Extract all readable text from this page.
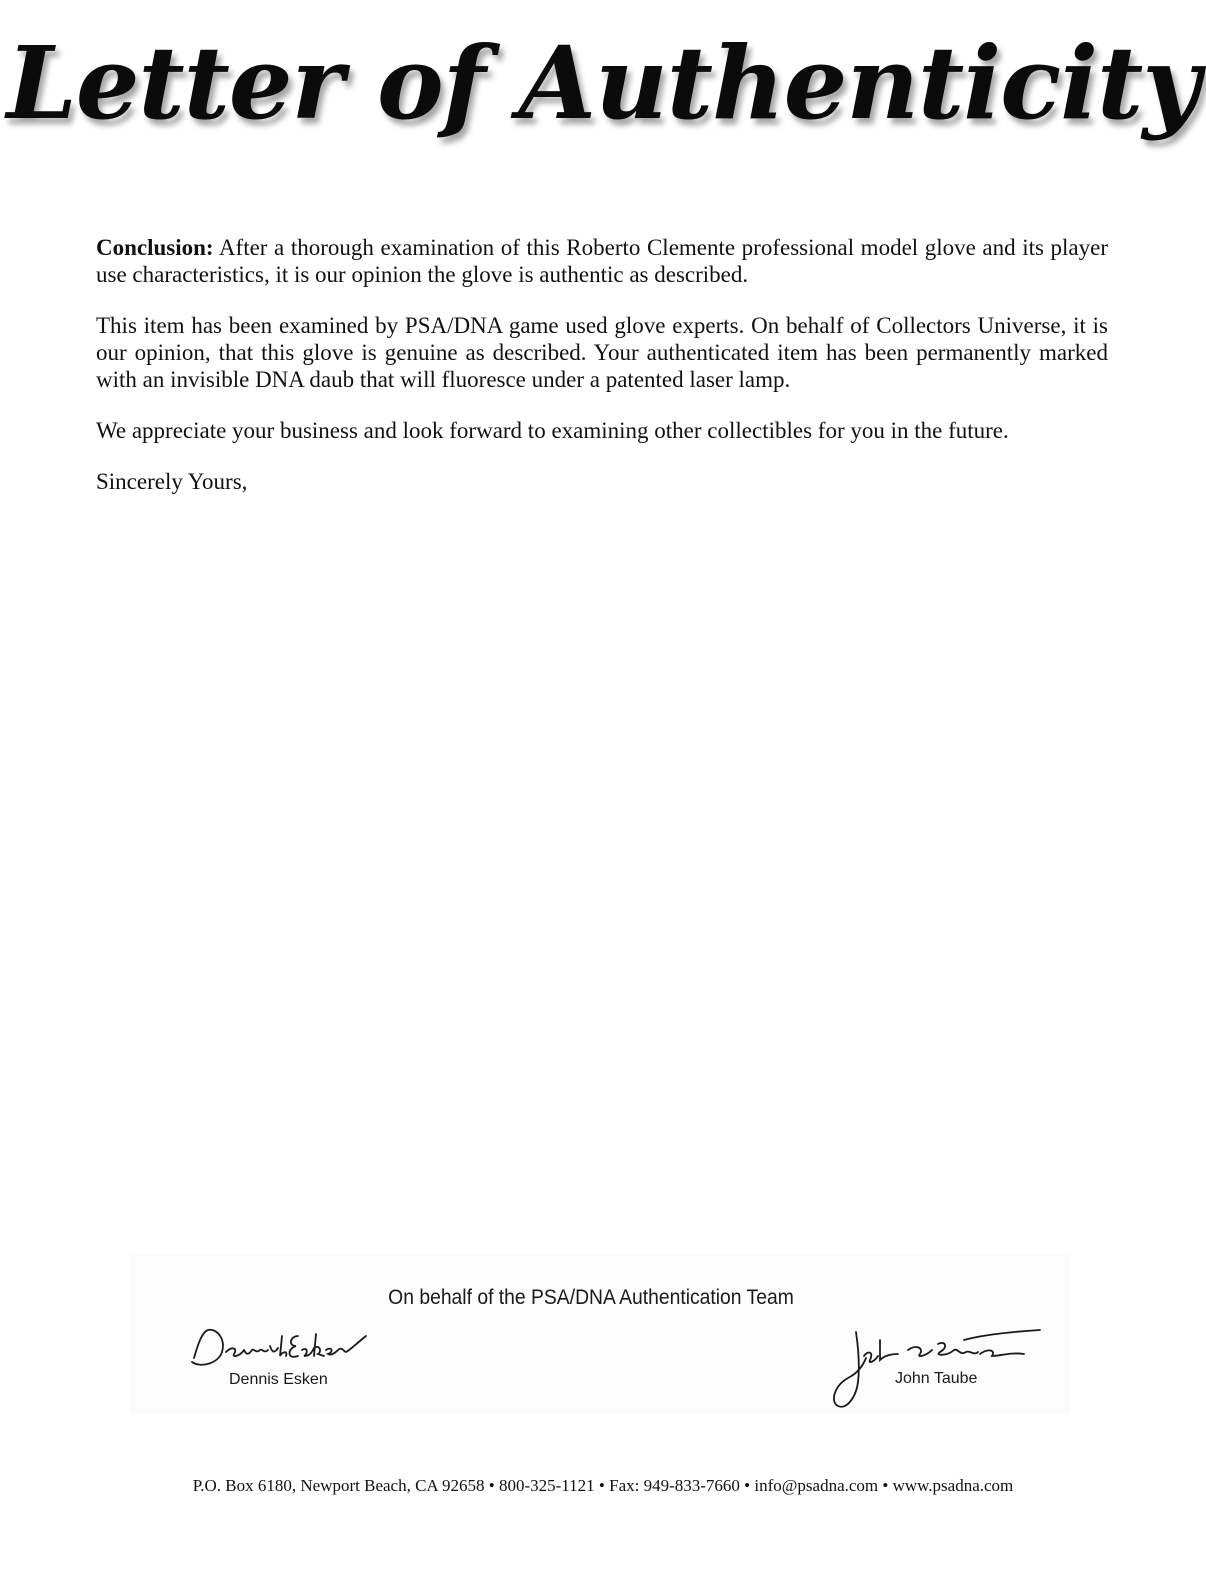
Letter of Authenticity
Conclusion: After a thorough examination of this Roberto Clemente professional model glove and its player use characteristics, it is our opinion the glove is authentic as described.
This item has been examined by PSA/DNA game used glove experts. On behalf of Collectors Universe, it is our opinion, that this glove is genuine as described. Your authenticated item has been permanently marked with an invisible DNA daub that will fluoresce under a patented laser lamp.
We appreciate your business and look forward to examining other collectibles for you in the future.
Sincerely Yours,
On behalf of the PSA/DNA Authentication Team
Dennis Esken	John Taube
P.O. Box 6180, Newport Beach, CA 92658 • 800-325-1121 • Fax: 949-833-7660 • info@psadna.com • www.psadna.com
